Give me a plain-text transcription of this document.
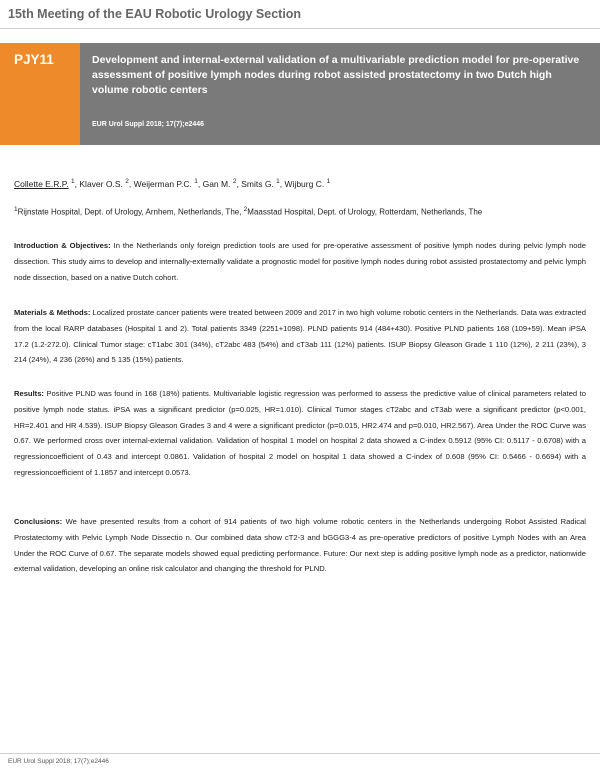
15th Meeting of the EAU Robotic Urology Section
PJY11	Development and internal-external validation of a multivariable prediction model for pre-operative assessment of positive lymph nodes during robot assisted prostatectomy in two Dutch high volume robotic centers
EUR Urol Suppl 2018; 17(7);e2446
Collette E.R.P. $^1$, Klaver O.S. $^2$, Weijerman P.C. $^1$, Gan M. $^2$, Smits G. $^1$, Wijburg C. $^1$
$^1$Rijnstate Hospital, Dept. of Urology, Arnhem, Netherlands, The, $^2$Maasstad Hospital, Dept. of Urology, Rotterdam, Netherlands, The
Introduction & Objectives: In the Netherlands only foreign prediction tools are used for pre-operative assessment of positive lymph nodes during pelvic lymph node dissection. This study aims to develop and internally-externally validate a prognostic model for positive lymph nodes during robot assisted prostatectomy and pelvic lymph node dissection, based on a native Dutch cohort.
Materials & Methods: Localized prostate cancer patients were treated between 2009 and 2017 in two high volume robotic centers in the Netherlands. Data was extracted from the local RARP databases (Hospital 1 and 2). Total patients 3349 (2251+1098). PLND patients 914 (484+430). Positive PLND patients 168 (109+59). Mean iPSA 17.2 (1.2-272.0). Clinical Tumor stage: cT1abc 301 (34%), cT2abc 483 (54%) and cT3ab 111 (12%) patients. ISUP Biopsy Gleason Grade 1 110 (12%), 2 211 (23%), 3 214 (24%), 4 236 (26%) and 5 135 (15%) patients.
Results: Positive PLND was found in 168 (18%) patients. Multivariable logistic regression was performed to assess the predictive value of clinical parameters related to positive lymph node status. iPSA was a significant predictor (p=0.025, HR=1.010). Clinical Tumor stages cT2abc and cT3ab were a significant predictor (p<0.001, HR=2.401 and HR 4.539). ISUP Biopsy Gleason Grades 3 and 4 were a significant predictor (p=0.015, HR2.474 and p=0.010, HR2.567). Area Under the ROC Curve was 0.67. We performed cross over internal-external validation. Validation of hospital 1 model on hospital 2 data showed a C-index 0.5912 (95% CI: 0.5117 - 0.6708) with a regressioncoefficient of 0.43 and intercept 0.0861. Validation of hospital 2 model on hospital 1 data showed a C-index of 0.608 (95% CI: 0.5466 - 0.6694) with a regressioncoefficient of 1.1857 and intercept 0.0573.
Conclusions: We have presented results from a cohort of 914 patients of two high volume robotic centers in the Netherlands undergoing Robot Assisted Radical Prostatectomy with Pelvic Lymph Node Dissectio n. Our combined data show cT2-3 and bGGG3-4 as pre-operative predictors of positive Lymph Nodes with an Area Under the ROC Curve of 0.67. The separate models showed equal predicting performance. Future: Our next step is adding positive lymph node as a predictor, nationwide external validation, developing an online risk calculator and changing the threshold for PLND.
EUR Urol Suppl 2018; 17(7);e2446
